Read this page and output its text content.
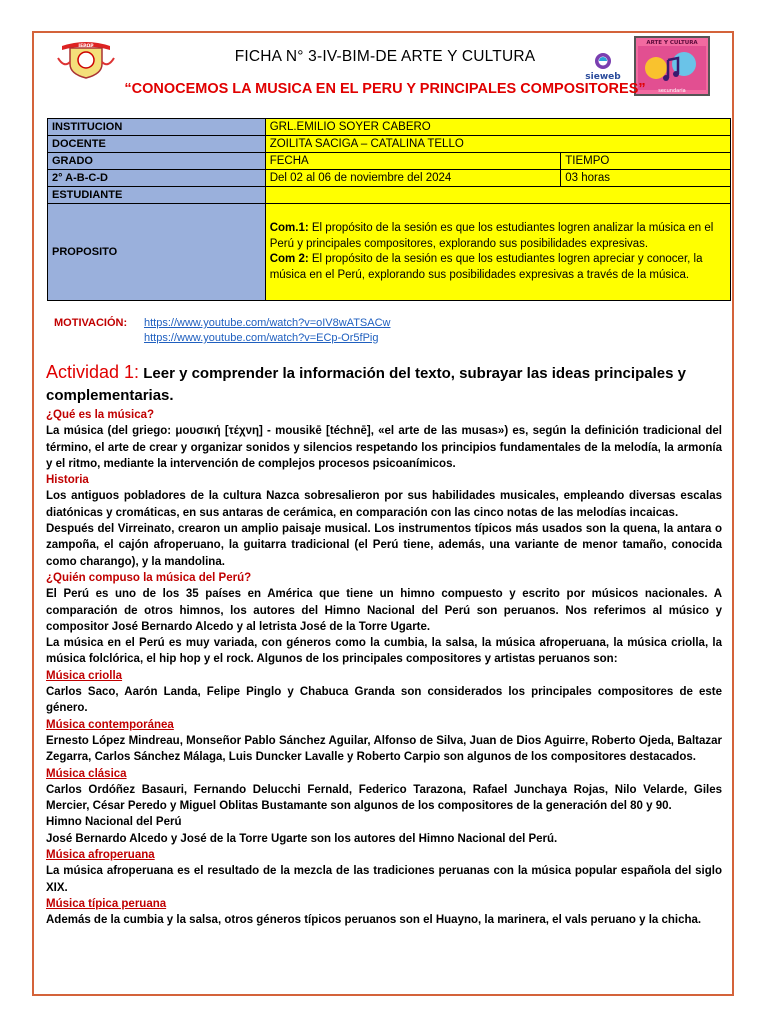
IEPOP
FICHA N° 3-IV-BIM-DE ARTE Y CULTURA
sieweb
ARTE Y CULTURA
secundaria
“CONOCEMOS LA MUSICA EN EL PERU Y PRINCIPALES COMPOSITORES”
INSTITUCION	GRL.EMILIO SOYER CABERO	
DOCENTE	ZOILITA SACIGA – CATALINA TELLO	
GRADO	FECHA	TIEMPO
2° A-B-C-D	Del 02 al 06 de noviembre del 2024	03 horas
ESTUDIANTE		
PROPOSITO	Com.1: El propósito de la sesión es que los estudiantes logren analizar la música en el Perú y principales compositores, explorando sus posibilidades expresivas.

Com 2: El propósito de la sesión es que los estudiantes logren apreciar y conocer, la música en el Perú, explorando sus posibilidades expresivas a través de la música.	

MOTIVACIÓN: https://www.youtube.com/watch?v=oIV8wATSACw
https://www.youtube.com/watch?v=ECp-Or5fPig

Actividad 1: Leer y comprender la información del texto, subrayar las ideas principales y complementarias.

¿Qué es la música?

La música (del griego: μουσική [τέχνη] - mousikē [téchnē], «el arte de las musas») es, según la definición tradicional del término, el arte de crear y organizar sonidos y silencios respetando los principios fundamentales de la melodía, la armonía y el ritmo, mediante la intervención de complejos procesos psicoanímicos.

Historia

Los antiguos pobladores de la cultura Nazca sobresalieron por sus habilidades musicales, empleando diversas escalas diatónicas y cromáticas, en sus antaras de cerámica, en comparación con las cinco notas de las melodías incaicas.

Después del Virreinato, crearon un amplio paisaje musical. Los instrumentos típicos más usados son la quena, la antara o zampoña, el cajón afroperuano, la guitarra tradicional (el Perú tiene, además, una variante de menor tamaño, conocida como charango), y la mandolina.

¿Quién compuso la música del Perú?

El Perú es uno de los 35 países en América que tiene un himno compuesto y escrito por músicos nacionales. A comparación de otros himnos, los autores del Himno Nacional del Perú son peruanos. Nos referimos al músico y compositor José Bernardo Alcedo y al letrista José de la Torre Ugarte.

La música en el Perú es muy variada, con géneros como la cumbia, la salsa, la música afroperuana, la música criolla, la música folclórica, el hip hop y el rock. Algunos de los principales compositores y artistas peruanos son:

Música criolla

Carlos Saco, Aarón Landa, Felipe Pinglo y Chabuca Granda son considerados los principales compositores de este género.

Música contemporánea

Ernesto López Mindreau, Monseñor Pablo Sánchez Aguilar, Alfonso de Silva, Juan de Dios Aguirre, Roberto Ojeda, Baltazar Zegarra, Carlos Sánchez Málaga, Luis Duncker Lavalle y Roberto Carpio son algunos de los compositores destacados.

Música clásica

Carlos Ordóñez Basauri, Fernando Delucchi Fernald, Federico Tarazona, Rafael Junchaya Rojas, Nilo Velarde, Giles Mercier, César Peredo y Miguel Oblitas Bustamante son algunos de los compositores de la generación del 80 y 90.

Himno Nacional del Perú

José Bernardo Alcedo y José de la Torre Ugarte son los autores del Himno Nacional del Perú.

Música afroperuana

La música afroperuana es el resultado de la mezcla de las tradiciones peruanas con la música popular española del siglo XIX.

Música típica peruana

Además de la cumbia y la salsa, otros géneros típicos peruanos son el Huayno, la marinera, el vals peruano y la chicha.
